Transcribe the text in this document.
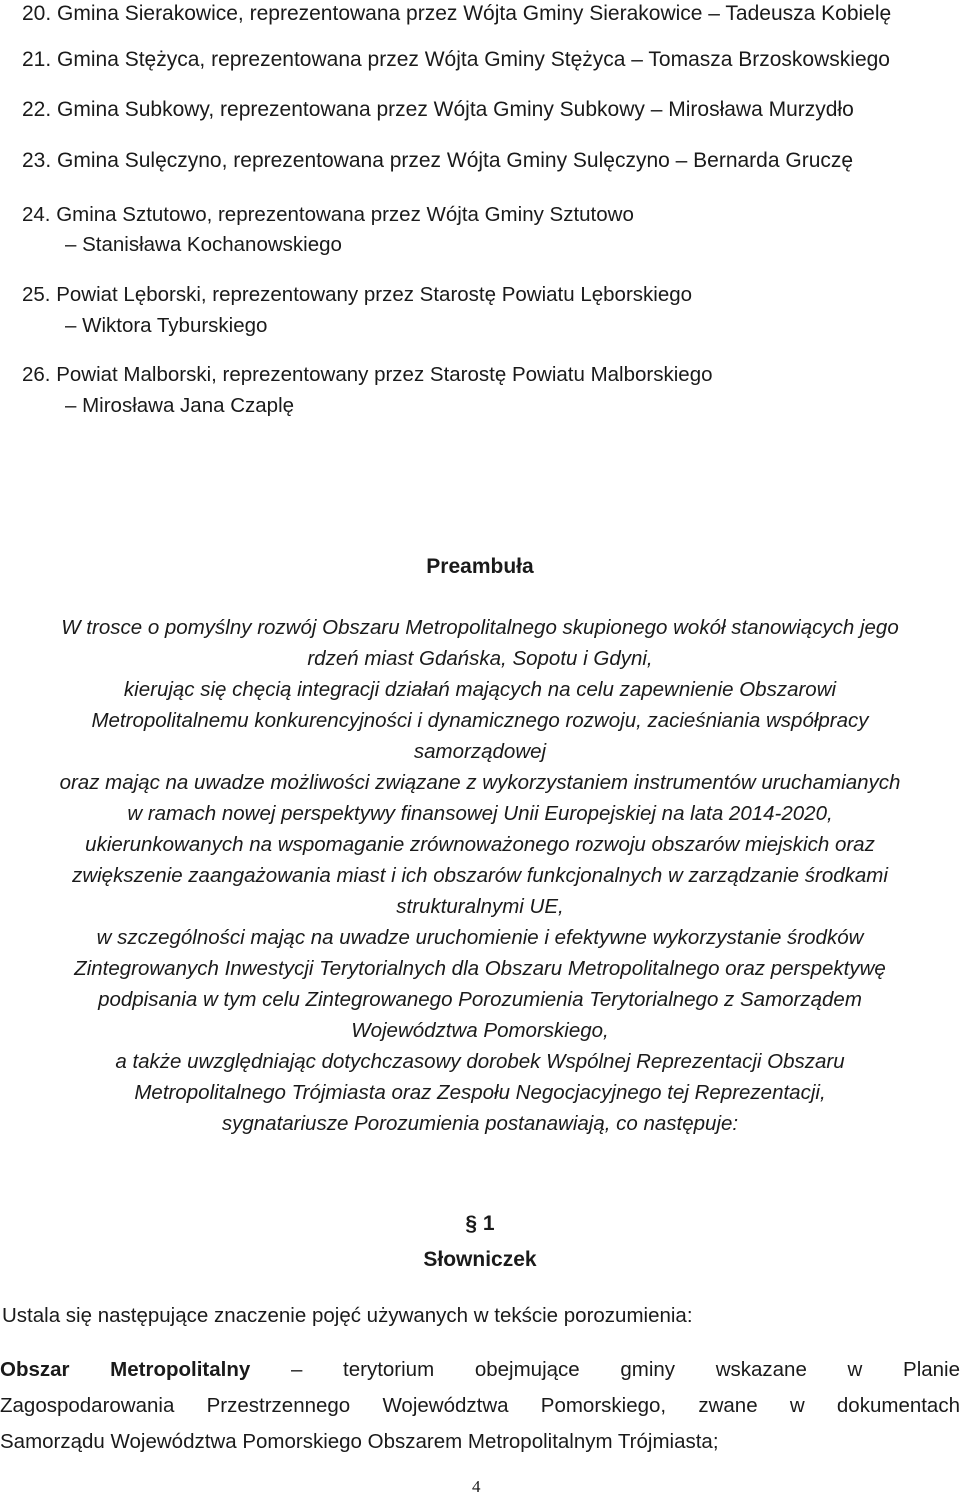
20. Gmina Sierakowice, reprezentowana przez Wójta Gminy Sierakowice – Tadeusza Kobielę
21. Gmina Stężyca, reprezentowana przez Wójta Gminy Stężyca – Tomasza Brzoskowskiego
22. Gmina Subkowy, reprezentowana przez Wójta Gminy Subkowy – Mirosława Murzydło
23. Gmina Sulęczyno, reprezentowana przez Wójta Gminy Sulęczyno – Bernarda Gruczę
24. Gmina Sztutowo, reprezentowana przez Wójta Gminy Sztutowo
– Stanisława Kochanowskiego
25. Powiat Lęborski, reprezentowany przez Starostę Powiatu Lęborskiego
– Wiktora Tyburskiego
26. Powiat Malborski, reprezentowany przez Starostę Powiatu Malborskiego
– Mirosława Jana Czaplę
Preambuła
W trosce o pomyślny rozwój Obszaru Metropolitalnego skupionego wokół stanowiących jego
rdzeń miast Gdańska, Sopotu i Gdyni,
kierując się chęcią integracji działań mających na celu zapewnienie Obszarowi
Metropolitalnemu konkurencyjności i dynamicznego rozwoju, zacieśniania współpracy
samorządowej
oraz mając na uwadze możliwości związane z wykorzystaniem instrumentów uruchamianych
w ramach nowej perspektywy finansowej Unii Europejskiej na lata 2014-2020,
ukierunkowanych na wspomaganie zrównoważonego rozwoju obszarów miejskich oraz
zwiększenie zaangażowania miast i ich obszarów funkcjonalnych w zarządzanie środkami
strukturalnymi UE,
w szczególności mając na uwadze uruchomienie i efektywne wykorzystanie środków
Zintegrowanych Inwestycji Terytorialnych dla Obszaru Metropolitalnego oraz perspektywę
podpisania w tym celu Zintegrowanego Porozumienia Terytorialnego z Samorządem
Województwa Pomorskiego,
a także uwzględniając dotychczasowy dorobek Wspólnej Reprezentacji Obszaru
Metropolitalnego Trójmiasta oraz Zespołu Negocjacyjnego tej Reprezentacji,
sygnatariusze Porozumienia postanawiają, co następuje:
§ 1
Słowniczek
Ustala się następujące znaczenie pojęć używanych w tekście porozumienia:
Obszar Metropolitalny – terytorium obejmujące gminy wskazane w Planie
Zagospodarowania Przestrzennego Województwa Pomorskiego, zwane w dokumentach
Samorządu Województwa Pomorskiego Obszarem Metropolitalnym Trójmiasta;
4
